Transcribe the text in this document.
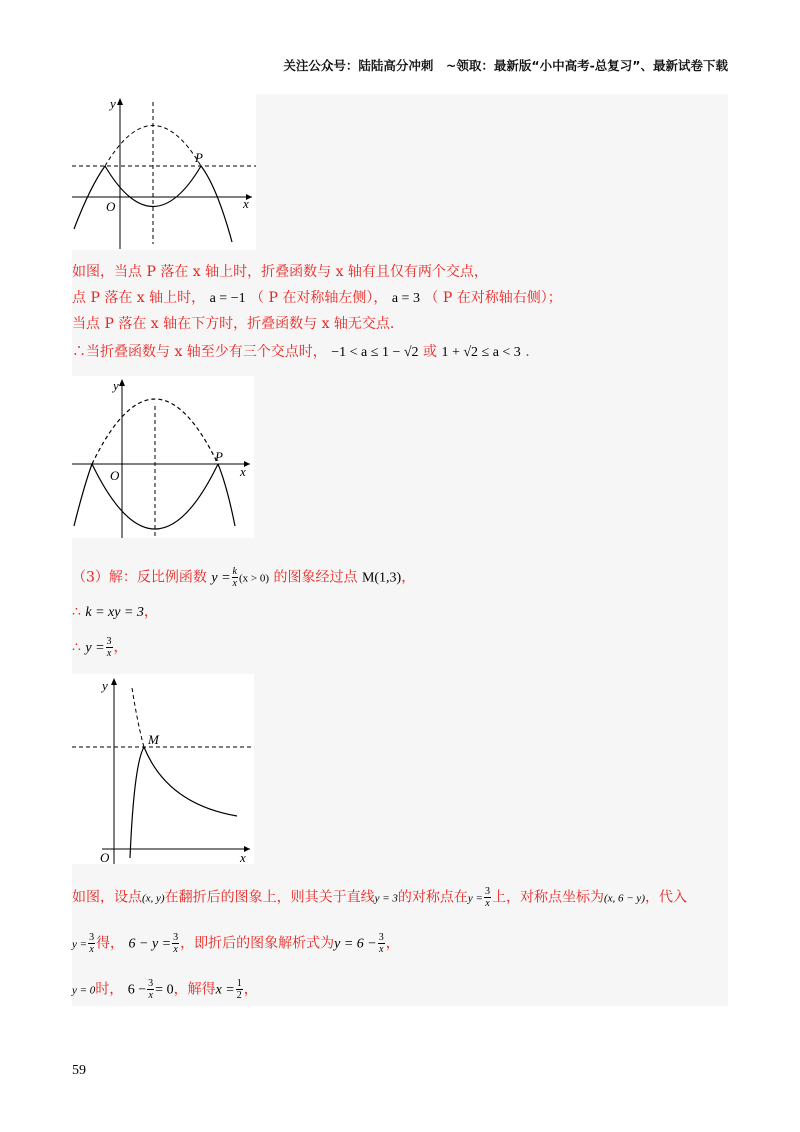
关注公众号：陆陆高分冲刺　~领取：最新版“小中高考-总复习”、最新试卷下载
y
x
O
P
如图，当点 P 落在 x 轴上时，折叠函数与 x 轴有且仅有两个交点，
点 P 落在 x 轴上时， a = −1 （ P 在对称轴左侧）， a = 3 （ P 在对称轴右侧）；
当点 P 落在 x 轴在下方时，折叠函数与 x 轴无交点.
∴当折叠函数与 x 轴至少有三个交点时， −1 < a ≤ 1 − √2 或 1 + √2 ≤ a < 3 .
y
x
O
P
（3）解：反比例函数 $y = \frac{k}{x} (x > 0)$ 的图象经过点 M(1,3)，
∴ k = xy = 3，
∴ $y = \frac{3}{x}$ ，
y
x
O
M
如图，设点(x, y)在翻折后的图象上，则其关于直线y = 3的对称点在$y = \frac{3}{x}$ 上，对称点坐标为(x, 6 − y)，代入
$y = \frac{3}{x}$ 得， $6 - y = \frac{3}{x}$ ，即折后的图象解析式为$y = 6 - \frac{3}{x}$ ，
y = 0时， $6 - \frac{3}{x} = 0$，解得$x = \frac{1}{2}$ ，
59
